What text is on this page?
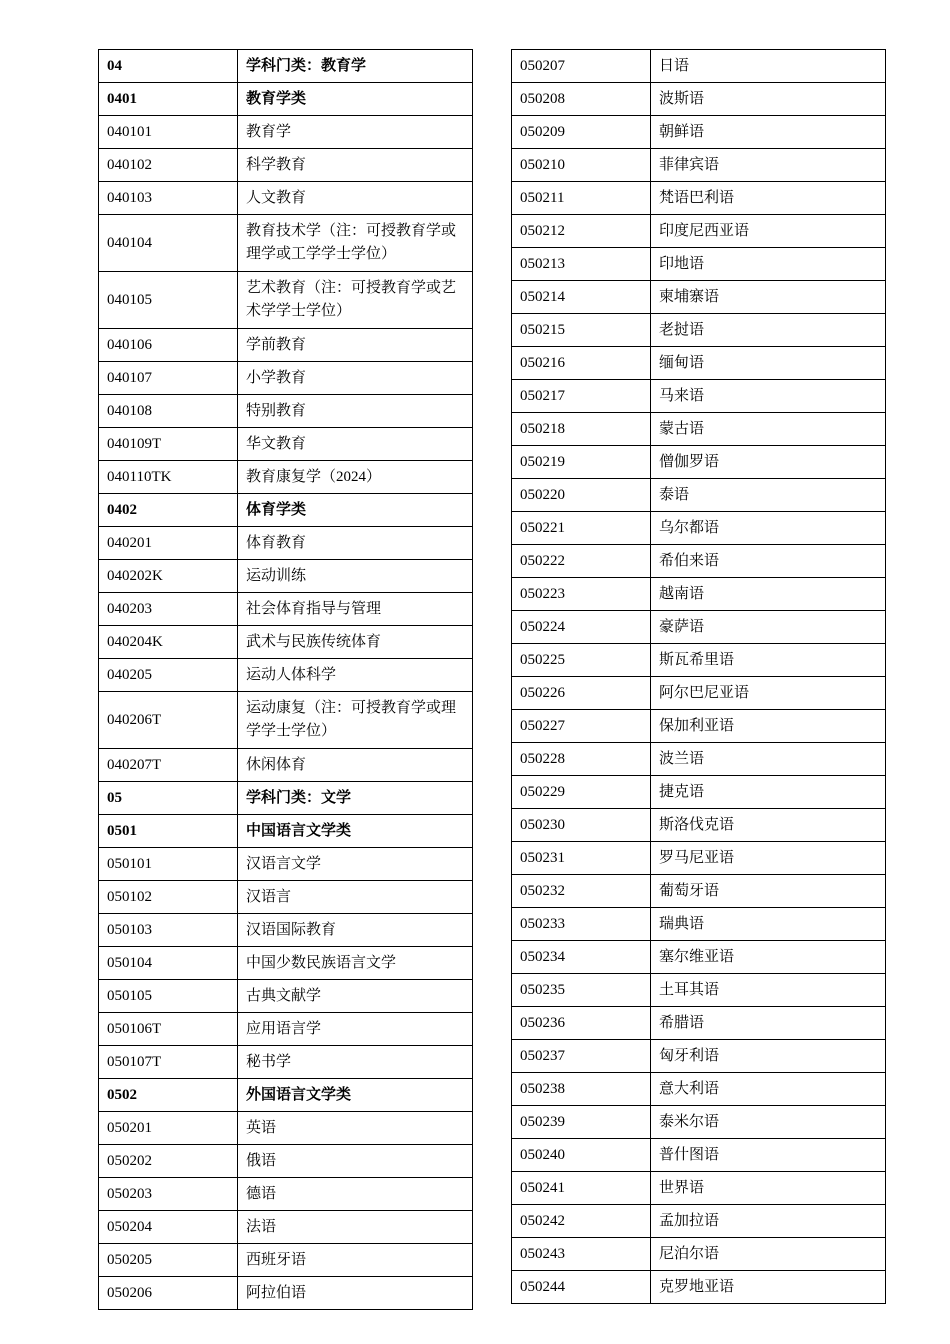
04	学科门类：教育学
0401	教育学类
040101	教育学
040102	科学教育
040103	人文教育
040104	教育技术学（注：可授教育学或理学或工学学士学位）
040105	艺术教育（注：可授教育学或艺术学学士学位）
040106	学前教育
040107	小学教育
040108	特别教育
040109T	华文教育
040110TK	教育康复学（2024）
0402	体育学类
040201	体育教育
040202K	运动训练
040203	社会体育指导与管理
040204K	武术与民族传统体育
040205	运动人体科学
040206T	运动康复（注：可授教育学或理学学士学位）
040207T	休闲体育
05	学科门类：文学
0501	中国语言文学类
050101	汉语言文学
050102	汉语言
050103	汉语国际教育
050104	中国少数民族语言文学
050105	古典文献学
050106T	应用语言学
050107T	秘书学
0502	外国语言文学类
050201	英语
050202	俄语
050203	德语
050204	法语
050205	西班牙语
050206	阿拉伯语
050207	日语
050208	波斯语
050209	朝鲜语
050210	菲律宾语
050211	梵语巴利语
050212	印度尼西亚语
050213	印地语
050214	柬埔寨语
050215	老挝语
050216	缅甸语
050217	马来语
050218	蒙古语
050219	僧伽罗语
050220	泰语
050221	乌尔都语
050222	希伯来语
050223	越南语
050224	豪萨语
050225	斯瓦希里语
050226	阿尔巴尼亚语
050227	保加利亚语
050228	波兰语
050229	捷克语
050230	斯洛伐克语
050231	罗马尼亚语
050232	葡萄牙语
050233	瑞典语
050234	塞尔维亚语
050235	土耳其语
050236	希腊语
050237	匈牙利语
050238	意大利语
050239	泰米尔语
050240	普什图语
050241	世界语
050242	孟加拉语
050243	尼泊尔语
050244	克罗地亚语
